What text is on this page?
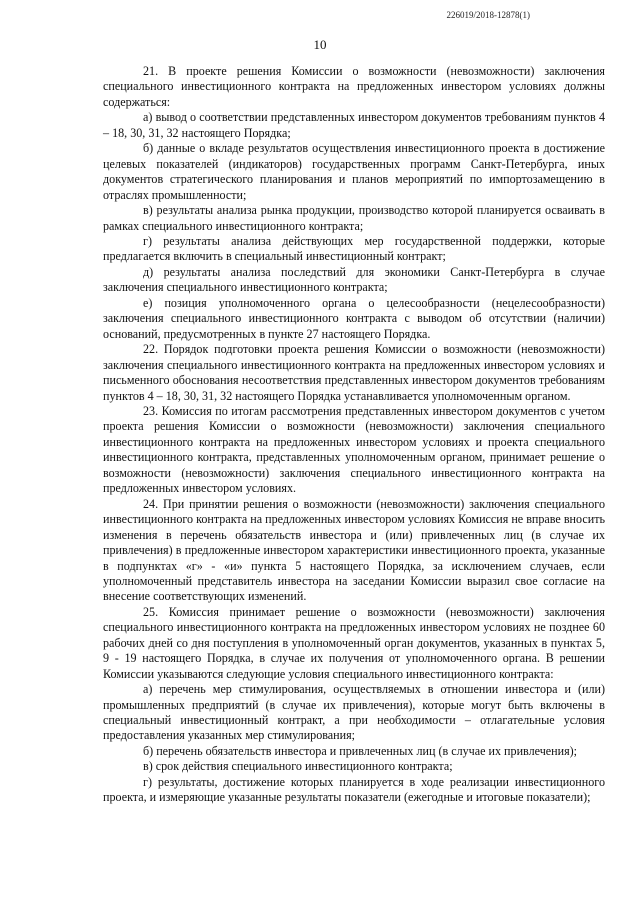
226019/2018-12878(1)
10

21. В проекте решения Комиссии о возможности (невозможности) заключения специального инвестиционного контракта на предложенных инвестором условиях должны содержаться:

а) вывод о соответствии представленных инвестором документов требованиям пунктов 4 – 18, 30, 31, 32 настоящего Порядка;

б) данные о вкладе результатов осуществления инвестиционного проекта в достижение целевых показателей (индикаторов) государственных программ Санкт-Петербурга, иных документов стратегического планирования и планов мероприятий по импортозамещению в отраслях промышленности;

в) результаты анализа рынка продукции, производство которой планируется осваивать в рамках специального инвестиционного контракта;

г) результаты анализа действующих мер государственной поддержки, которые предлагается включить в специальный инвестиционный контракт;

д) результаты анализа последствий для экономики Санкт-Петербурга в случае заключения специального инвестиционного контракта;

е) позиция уполномоченного органа о целесообразности (нецелесообразности) заключения специального инвестиционного контракта с выводом об отсутствии (наличии) оснований, предусмотренных в пункте 27 настоящего Порядка.

22. Порядок подготовки проекта решения Комиссии о возможности (невозможности) заключения специального инвестиционного контракта на предложенных инвестором условиях и письменного обоснования несоответствия представленных инвестором документов требованиям пунктов 4 – 18, 30, 31, 32 настоящего Порядка устанавливается уполномоченным органом.

23. Комиссия по итогам рассмотрения представленных инвестором документов с учетом проекта решения Комиссии о возможности (невозможности) заключения специального инвестиционного контракта на предложенных инвестором условиях и проекта специального инвестиционного контракта, представленных уполномоченным органом, принимает решение о возможности (невозможности) заключения специального инвестиционного контракта на предложенных инвестором условиях.

24. При принятии решения о возможности (невозможности) заключения специального инвестиционного контракта на предложенных инвестором условиях Комиссия не вправе вносить изменения в перечень обязательств инвестора и (или) привлеченных лиц (в случае их привлечения) в предложенные инвестором характеристики инвестиционного проекта, указанные в подпунктах «г» - «и» пункта 5 настоящего Порядка, за исключением случаев, если уполномоченный представитель инвестора на заседании Комиссии выразил свое согласие на внесение соответствующих изменений.

25. Комиссия принимает решение о возможности (невозможности) заключения специального инвестиционного контракта на предложенных инвестором условиях не позднее 60 рабочих дней со дня поступления в уполномоченный орган документов, указанных в пунктах 5, 9 - 19 настоящего Порядка, в случае их получения от уполномоченного органа. В решении Комиссии указываются следующие условия специального инвестиционного контракта:

а) перечень мер стимулирования, осуществляемых в отношении инвестора и (или) промышленных предприятий (в случае их привлечения), которые могут быть включены в специальный инвестиционный контракт, а при необходимости – отлагательные условия предоставления указанных мер стимулирования;

б) перечень обязательств инвестора и привлеченных лиц (в случае их привлечения);

в) срок действия специального инвестиционного контракта;

г) результаты, достижение которых планируется в ходе реализации инвестиционного проекта, и измеряющие указанные результаты показатели (ежегодные и итоговые показатели);
